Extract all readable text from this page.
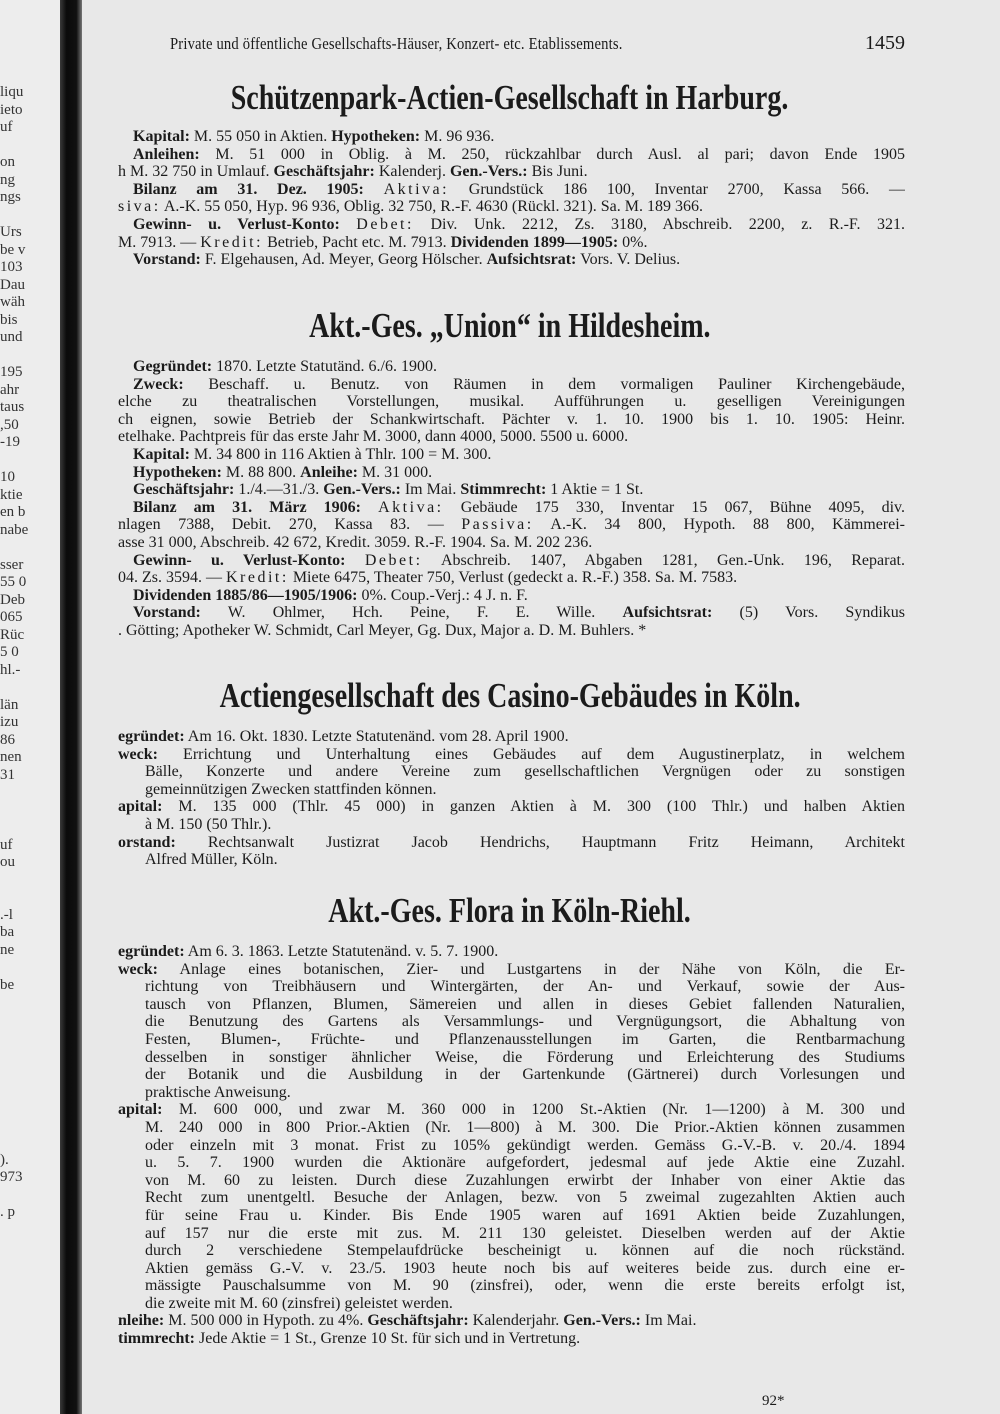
liqu
ieto
uf
on
ng
ngs
Urs
be v
103
Dau
wäh
bis
und
195
ahr
taus
,50
-19
10
ktie
en b
nabe
sser
55 0
Deb
065
Rüc
5 0
hl.-
län
izu
86
nen
31
uf
ou
.-l
ba
ne
be
).
973
. p
Private und öffentliche Gesellschafts-Häuser, Konzert- etc. Etablissements.	1459
Schützenpark-Actien-Gesellschaft in Harburg.
Kapital: M. 55 050 in Aktien. Hypotheken: M. 96 936.
Anleihen: M. 51 000 in Oblig. à M. 250, rückzahlbar durch Ausl. al pari; davon Ende 1905
h M. 32 750 in Umlauf. Geschäftsjahr: Kalenderj. Gen.-Vers.: Bis Juni.
Bilanz am 31. Dez. 1905: Aktiva: Grundstück 186 100, Inventar 2700, Kassa 566. —
siva: A.-K. 55 050, Hyp. 96 936, Oblig. 32 750, R.-F. 4630 (Rückl. 321). Sa. M. 189 366.
Gewinn- u. Verlust-Konto: Debet: Div. Unk. 2212, Zs. 3180, Abschreib. 2200, z. R.-F. 321.
M. 7913. — Kredit: Betrieb, Pacht etc. M. 7913. Dividenden 1899—1905: 0%.
Vorstand: F. Elgehausen, Ad. Meyer, Georg Hölscher. Aufsichtsrat: Vors. V. Delius.
Akt.-Ges. „Union“ in Hildesheim.
Gegründet: 1870. Letzte Statutänd. 6./6. 1900.
Zweck: Beschaff. u. Benutz. von Räumen in dem vormaligen Pauliner Kirchengebäude,
elche zu theatralischen Vorstellungen, musikal. Aufführungen u. geselligen Vereinigungen
ch eignen, sowie Betrieb der Schankwirtschaft. Pächter v. 1. 10. 1900 bis 1. 10. 1905: Heinr.
etelhake. Pachtpreis für das erste Jahr M. 3000, dann 4000, 5000. 5500 u. 6000.
Kapital: M. 34 800 in 116 Aktien à Thlr. 100 = M. 300.
Hypotheken: M. 88 800. Anleihe: M. 31 000.
Geschäftsjahr: 1./4.—31./3. Gen.-Vers.: Im Mai. Stimmrecht: 1 Aktie = 1 St.
Bilanz am 31. März 1906: Aktiva: Gebäude 175 330, Inventar 15 067, Bühne 4095, div.
nlagen 7388, Debit. 270, Kassa 83. — Passiva: A.-K. 34 800, Hypoth. 88 800, Kämmerei-
asse 31 000, Abschreib. 42 672, Kredit. 3059. R.-F. 1904. Sa. M. 202 236.
Gewinn- u. Verlust-Konto: Debet: Abschreib. 1407, Abgaben 1281, Gen.-Unk. 196, Reparat.
04. Zs. 3594. — Kredit: Miete 6475, Theater 750, Verlust (gedeckt a. R.-F.) 358. Sa. M. 7583.
Dividenden 1885/86—1905/1906: 0%. Coup.-Verj.: 4 J. n. F.
Vorstand: W. Ohlmer, Hch. Peine, F. E. Wille. Aufsichtsrat: (5) Vors. Syndikus
. Götting; Apotheker W. Schmidt, Carl Meyer, Gg. Dux, Major a. D. M. Buhlers. *
Actiengesellschaft des Casino-Gebäudes in Köln.
egründet: Am 16. Okt. 1830. Letzte Statutenänd. vom 28. April 1900.
weck: Errichtung und Unterhaltung eines Gebäudes auf dem Augustinerplatz, in welchem
Bälle, Konzerte und andere Vereine zum gesellschaftlichen Vergnügen oder zu sonstigen
gemeinnützigen Zwecken stattfinden können.
apital: M. 135 000 (Thlr. 45 000) in ganzen Aktien à M. 300 (100 Thlr.) und halben Aktien
à M. 150 (50 Thlr.).
orstand: Rechtsanwalt Justizrat Jacob Hendrichs, Hauptmann Fritz Heimann, Architekt
Alfred Müller, Köln.
Akt.-Ges. Flora in Köln-Riehl.
egründet: Am 6. 3. 1863. Letzte Statutenänd. v. 5. 7. 1900.
weck: Anlage eines botanischen, Zier- und Lustgartens in der Nähe von Köln, die Er-
richtung von Treibhäusern und Wintergärten, der An- und Verkauf, sowie der Aus-
tausch von Pflanzen, Blumen, Sämereien und allen in dieses Gebiet fallenden Naturalien,
die Benutzung des Gartens als Versammlungs- und Vergnügungsort, die Abhaltung von
Festen, Blumen-, Früchte- und Pflanzenausstellungen im Garten, die Rentbarmachung
desselben in sonstiger ähnlicher Weise, die Förderung und Erleichterung des Studiums
der Botanik und die Ausbildung in der Gartenkunde (Gärtnerei) durch Vorlesungen und
praktische Anweisung.
apital: M. 600 000, und zwar M. 360 000 in 1200 St.-Aktien (Nr. 1—1200) à M. 300 und
M. 240 000 in 800 Prior.-Aktien (Nr. 1—800) à M. 300. Die Prior.-Aktien können zusammen
oder einzeln mit 3 monat. Frist zu 105% gekündigt werden. Gemäss G.-V.-B. v. 20./4. 1894
u. 5. 7. 1900 wurden die Aktionäre aufgefordert, jedesmal auf jede Aktie eine Zuzahl.
von M. 60 zu leisten. Durch diese Zuzahlungen erwirbt der Inhaber von einer Aktie das
Recht zum unentgeltl. Besuche der Anlagen, bezw. von 5 zweimal zugezahlten Aktien auch
für seine Frau u. Kinder. Bis Ende 1905 waren auf 1691 Aktien beide Zuzahlungen,
auf 157 nur die erste mit zus. M. 211 130 geleistet. Dieselben werden auf der Aktie
durch 2 verschiedene Stempelaufdrücke bescheinigt u. können auf die noch rückständ.
Aktien gemäss G.-V. v. 23./5. 1903 heute noch bis auf weiteres beide zus. durch eine er-
mässigte Pauschalsumme von M. 90 (zinsfrei), oder, wenn die erste bereits erfolgt ist,
die zweite mit M. 60 (zinsfrei) geleistet werden.
nleihe: M. 500 000 in Hypoth. zu 4%. Geschäftsjahr: Kalenderjahr. Gen.-Vers.: Im Mai.
timmrecht: Jede Aktie = 1 St., Grenze 10 St. für sich und in Vertretung.
92*
